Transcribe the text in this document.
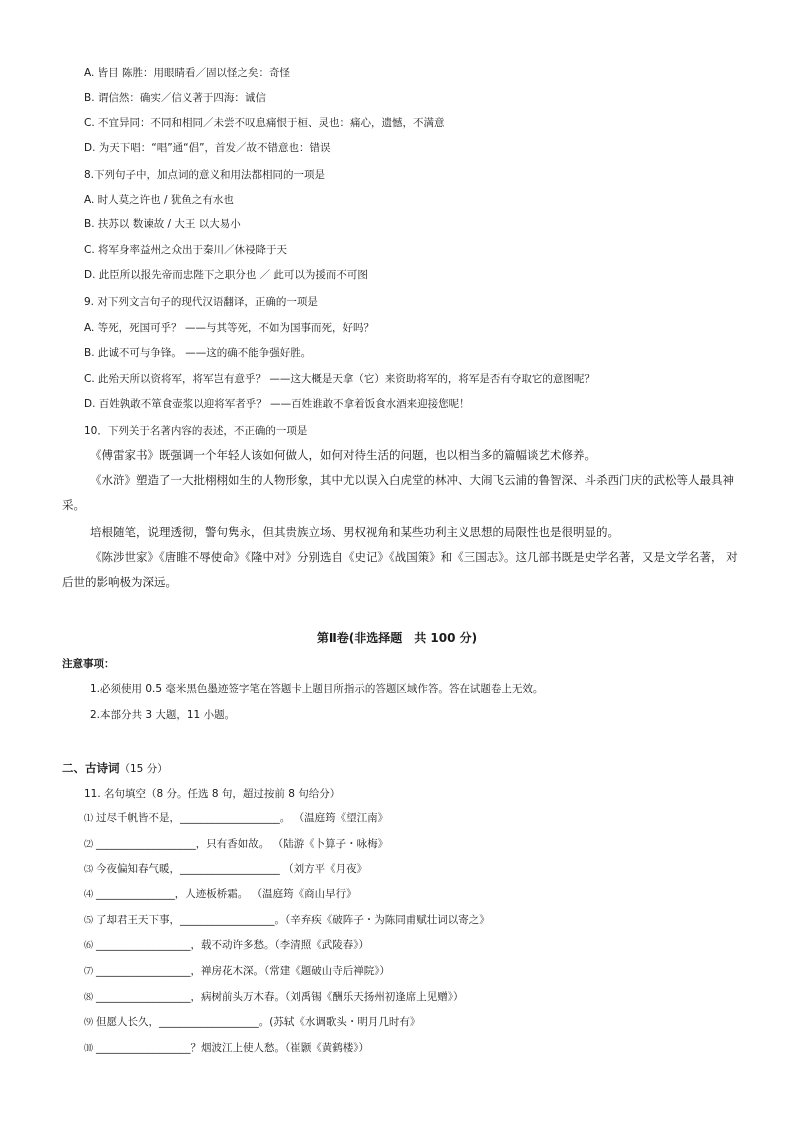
A. 皆目 陈胜：用眼睛看／固以怪之矣：奇怪
B. 谓信然：确实／信义著于四海：诚信
C. 不宜异同：不同和相同／未尝不叹息痛恨于桓、灵也：痛心，遗憾，不满意
D. 为天下唱：“唱”通“倡”，首发／故不错意也：错误
8.下列句子中，加点词的意义和用法都相同的一项是
A. 时人莫之许也 / 犹鱼之有水也
B. 扶苏以 数谏故 / 大王 以大易小
C. 将军身率益州之众出于秦川／休祲降于天
D. 此臣所以报先帝而忠陛下之职分也 ／ 此可以为援而不可图
9. 对下列文言句子的现代汉语翻译，正确的一项是
A. 等死，死国可乎？ ——与其等死，不如为国事而死，好吗？
B. 此诚不可与争锋。 ——这的确不能争强好胜。
C. 此殆天所以资将军，将军岂有意乎？ ——这大概是天拿（它）来资助将军的，将军是否有夺取它的意图呢？
D. 百姓孰敢不箪食壶浆以迎将军者乎？ ——百姓谁敢不拿着饭食水酒来迎接您呢！
10．下列关于名著内容的表述，不正确的一项是
《傅雷家书》既强调一个年轻人该如何做人，如何对待生活的问题，也以相当多的篇幅谈艺术修养。
《水浒》塑造了一大批栩栩如生的人物形象，其中尤以误入白虎堂的林冲、大闹飞云浦的鲁智深、斗杀西门庆的武松等人最具神采。
培根随笔，说理透彻，警句隽永，但其贵族立场、男权视角和某些功利主义思想的局限性也是很明显的。
《陈涉世家》《唐睢不辱使命》《隆中对》分别选自《史记》《战国策》和《三国志》。这几部书既是史学名著，又是文学名著， 对后世的影响极为深远。
第Ⅱ卷(非选择题　共 100 分)
注意事项：
1.必须使用 0.5 毫米黑色墨迹签字笔在答题卡上题目所指示的答题区域作答。答在试题卷上无效。
2.本部分共 3 大题，11 小题。
二、古诗词（15 分）
11. 名句填空（8 分。任选 8 句，超过按前 8 句给分）
⑴ 过尽千帆皆不是，___________________。 （温庭筠《望江南》
⑵ ___________________，只有香如故。 （陆游《卜算子・咏梅》
⑶ 今夜偏知春气暖，___________________ （刘方平《月夜》
⑷ _______________，人迹板桥霜。 （温庭筠《商山早行》
⑸ 了却君王天下事，__________________。（辛弃疾《破阵子・为陈同甫赋壮词以寄之》
⑹ __________________，载不动许多愁。（李清照《武陵春》）
⑺ __________________，禅房花木深。（常建《题破山寺后禅院》）
⑻ __________________，病树前头万木春。（刘禹锡《酬乐天扬州初逢席上见赠》）
⑼ 但愿人长久，___________________。(苏轼《水调歌头・明月几时有》
⑽ __________________？烟波江上使人愁。（崔颢《黄鹤楼》）
